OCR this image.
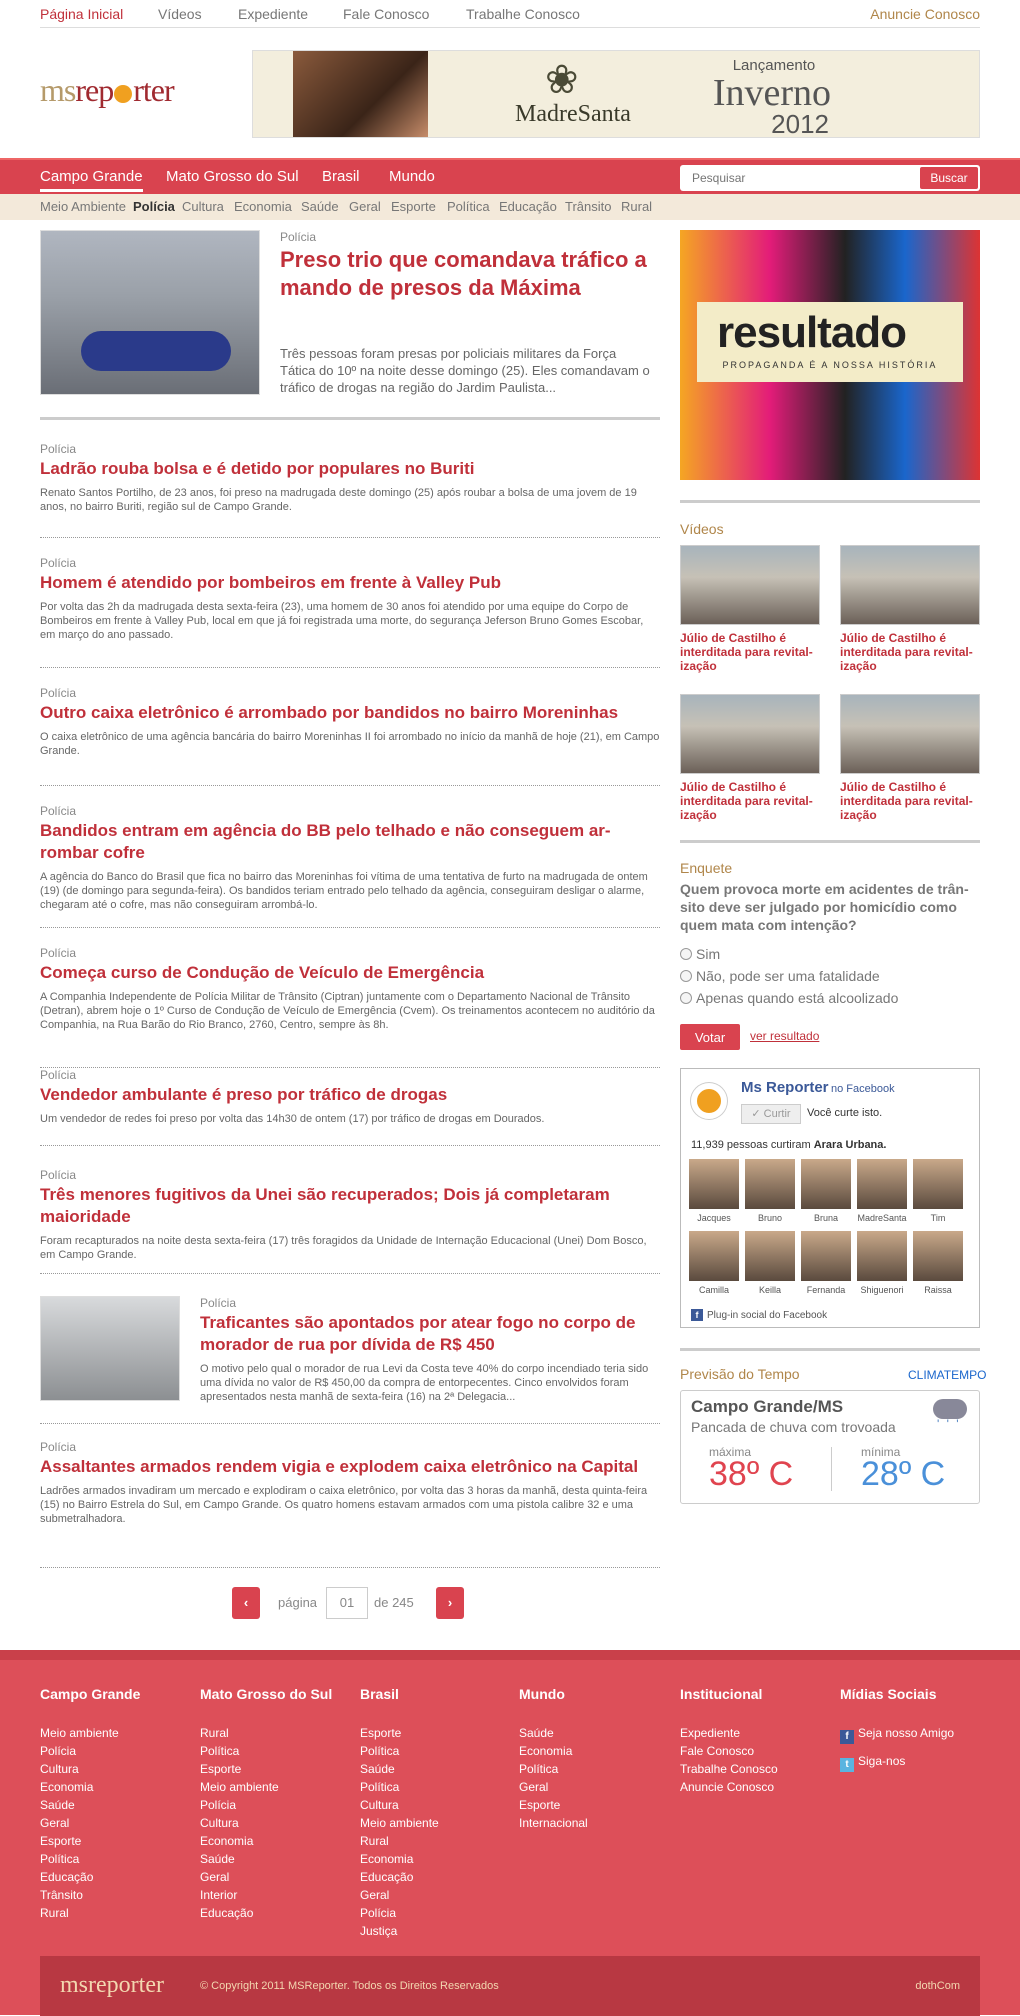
Página Inicial Vídeos	Expediente Fale Conosco	Trabalhe Conosco	Anuncie Conosco
msrep rter	❀
MadreSanta
Lançamento
Inverno
2012
Campo Grande Mato Grosso do Sul Brasil Mundo
Pesquisar	Buscar
Meio Ambiente Polícia Cultura Economia Saúde Geral Esporte Política Educação Trânsito Rural
Polícia
Preso trio que comandava tráfico a mando de presos da Máxima

Três pessoas foram presas por policiais militares da Força Tática do 10º na noite desse domingo (25). Eles comandavam o tráfico de drogas na região do Jardim Paulista...

Polícia
Ladrão rouba bolsa e é detido por populares no Buriti
Renato Santos Portilho, de 23 anos, foi preso na madrugada deste domingo (25) após roubar a bolsa de uma jovem de 19 anos, no bairro Buriti, região sul de Campo Grande.
Polícia
Homem é atendido por bombeiros em frente à Valley Pub
Por volta das 2h da madrugada desta sexta-feira (23), uma homem de 30 anos foi atendido por uma equipe do Corpo de Bombeiros em frente à Valley Pub, local em que já foi registrada uma morte, do segurança Jeferson Bruno Gomes Escobar, em março do ano passado.
Polícia
Outro caixa eletrônico é arrombado por bandidos no bairro Moreninhas
O caixa eletrônico de uma agência bancária do bairro Moreninhas II foi arrombado no início da manhã de hoje (21), em Campo Grande.
Polícia
Bandidos entram em agência do BB pelo telhado e não conseguem arrombar cofre
A agência do Banco do Brasil que fica no bairro das Moreninhas foi vítima de uma tentativa de furto na madrugada de ontem (19) (de domingo para segunda-feira). Os bandidos teriam entrado pelo telhado da agência, conseguiram desligar o alarme, chegaram até o cofre, mas não conseguiram arrombá-lo.
Polícia
Começa curso de Condução de Veículo de Emergência
A Companhia Independente de Polícia Militar de Trânsito (Ciptran) juntamente com o Departamento Nacional de Trânsito (Detran), abrem hoje o 1º Curso de Condução de Veículo de Emergência (Cvem). Os treinamentos acontecem no auditório da Companhia, na Rua Barão do Rio Branco, 2760, Centro, sempre às 8h.
Polícia
Vendedor ambulante é preso por tráfico de drogas
Um vendedor de redes foi preso por volta das 14h30 de ontem (17) por tráfico de drogas em Dourados.
Polícia
Três menores fugitivos da Unei são recuperados; Dois já completaram maioridade
Foram recapturados na noite desta sexta-feira (17) três foragidos da Unidade de Internação Educacional (Unei) Dom Bosco, em Campo Grande.
Polícia
Traficantes são apontados por atear fogo no corpo de morador de rua por dívida de R$ 450
O motivo pelo qual o morador de rua Levi da Costa teve 40% do corpo incendiado teria sido uma dívida no valor de R$ 450,00 da compra de entorpecentes. Cinco envolvidos foram apresentados nesta manhã de sexta-feira (16) na 2ª Delegacia...
Polícia
Assaltantes armados rendem vigia e explodem caixa eletrônico na Capital
Ladrões armados invadiram um mercado e explodiram o caixa eletrônico, por volta das 3 horas da manhã, desta quinta-feira (15) no Bairro Estrela do Sul, em Campo Grande. Os quatro homens estavam armados com uma pistola calibre 32 e uma submetralhadora.
‹	página	01	de 245	›
resultado
PROPAGANDA É A NOSSA HISTÓRIA
Vídeos
Júlio de Castilho é interditada para revitalização
Júlio de Castilho é interditada para revitalização
Júlio de Castilho é interditada para revitalização
Júlio de Castilho é interditada para revitalização
Enquete
Quem provoca morte em acidentes de trânsito deve ser julgado por homicídio como quem mata com intenção?
Sim
Não, pode ser uma fatalidade
Apenas quando está alcoolizado
Votar	ver resultado
Ms Reporter no Facebook
✓ Curtir	Você curte isto.
11,939 pessoas curtiram Arara Urbana.
Jacques	Bruno	Bruna	MadreSanta	Tim
Camilla	Keilla	Fernanda	Shiguenori	Raissa
f Plug-in social do Facebook
Previsão do Tempo	CLIMATEMPO
Campo Grande/MS
Pancada de chuva com trovoada
' ' '
máxima	mínima
38º C 28º C
Campo Grande
Meio ambiente
Polícia
Cultura
Economia
Saúde
Geral
Esporte
Política
Educação
Trânsito
Rural
Mato Grosso do Sul
Rural
Política
Esporte
Meio ambiente
Polícia
Cultura
Economia
Saúde
Geral
Interior
Educação
Brasil
Esporte
Política
Saúde
Política
Cultura
Meio ambiente
Rural
Economia
Educação
Geral
Polícia
Justiça
Mundo
Saúde
Economia
Política
Geral
Esporte
Internacional
Institucional
Expediente
Fale Conosco
Trabalhe Conosco
Anuncie Conosco
Mídias Sociais
f Seja nosso Amigo
t Siga-nos
msreporter	© Copyright 2011 MSReporter. Todos os Direitos Reservados	dothCom
